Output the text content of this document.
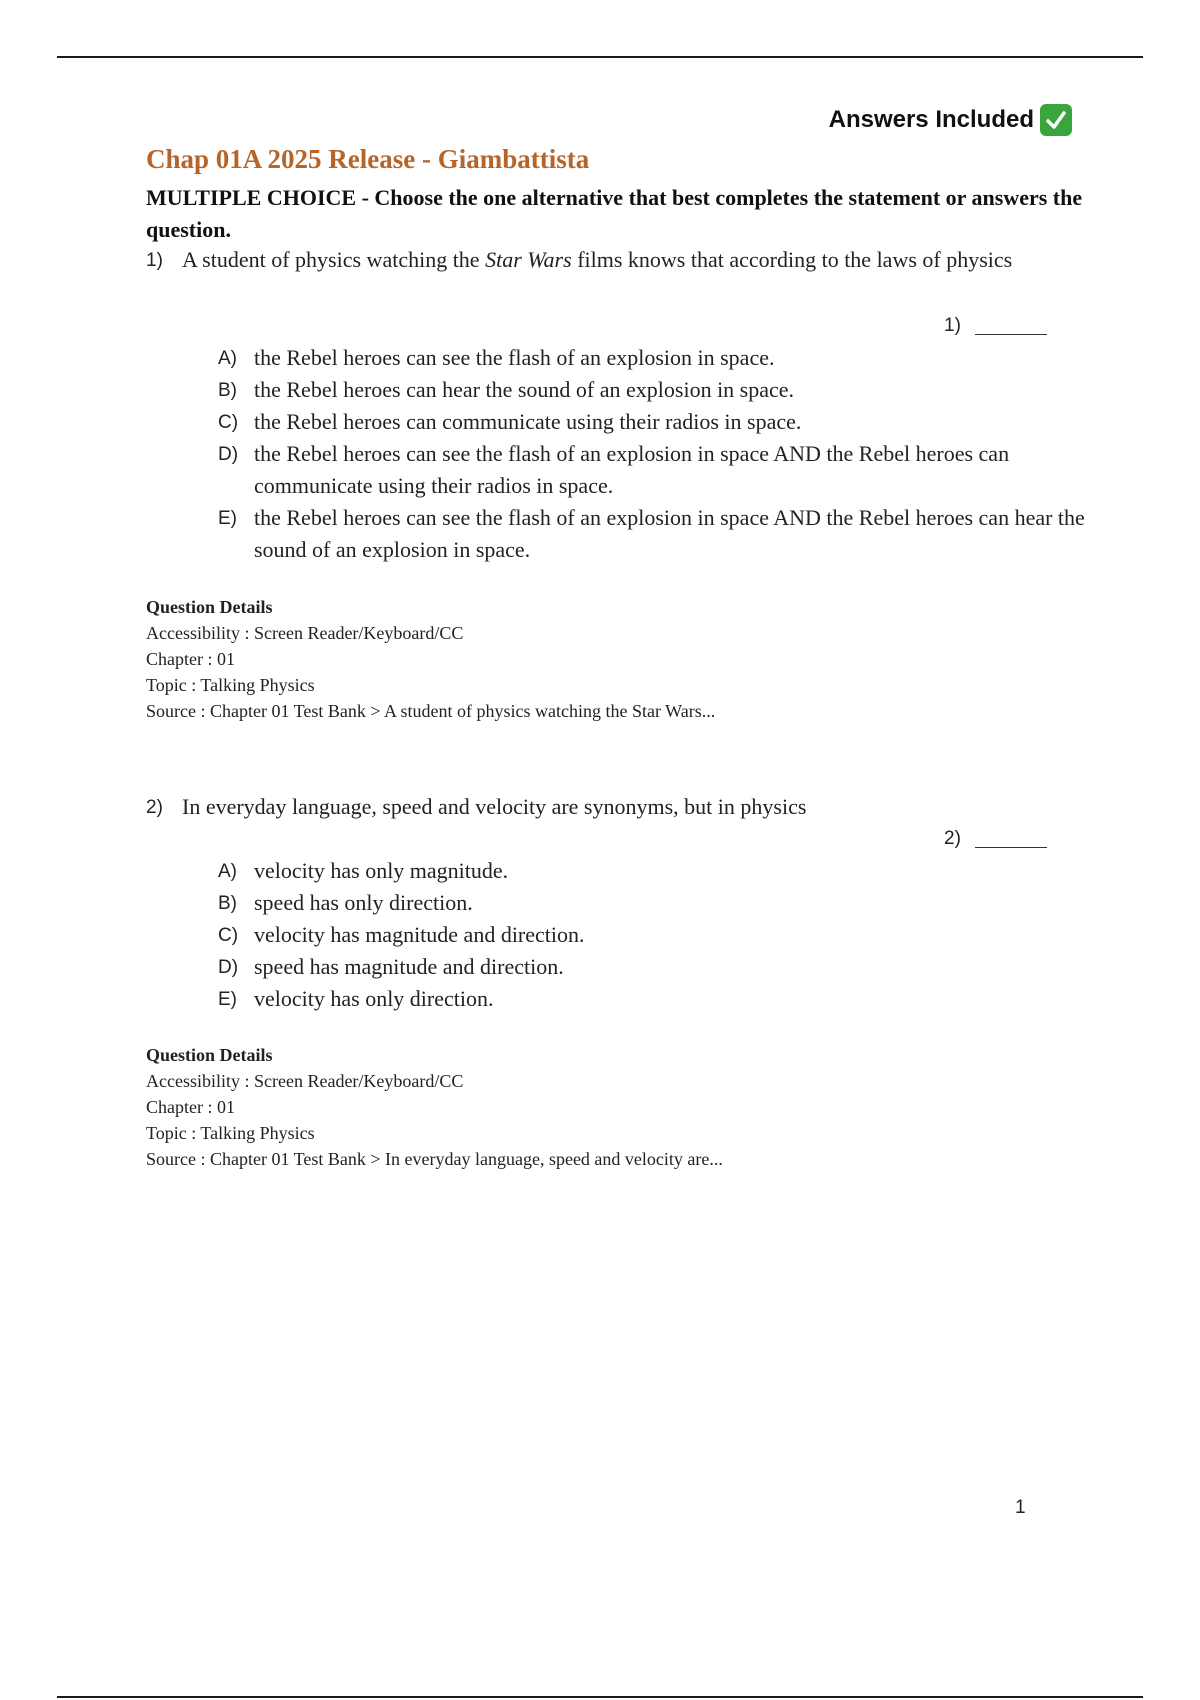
Answers Included
Chap 01A 2025 Release - Giambattista
MULTIPLE CHOICE - Choose the one alternative that best completes the statement or answers the question.
1) A student of physics watching the Star Wars films knows that according to the laws of physics
1)
A) the Rebel heroes can see the flash of an explosion in space.
B) the Rebel heroes can hear the sound of an explosion in space.
C) the Rebel heroes can communicate using their radios in space.
D) the Rebel heroes can see the flash of an explosion in space AND the Rebel heroes can communicate using their radios in space.
E) the Rebel heroes can see the flash of an explosion in space AND the Rebel heroes can hear the sound of an explosion in space.
Question Details
Accessibility : Screen Reader/Keyboard/CC
Chapter : 01
Topic : Talking Physics
Source : Chapter 01 Test Bank > A student of physics watching the Star Wars...
2) In everyday language, speed and velocity are synonyms, but in physics
2)
A) velocity has only magnitude.
B) speed has only direction.
C) velocity has magnitude and direction.
D) speed has magnitude and direction.
E) velocity has only direction.
Question Details
Accessibility : Screen Reader/Keyboard/CC
Chapter : 01
Topic : Talking Physics
Source : Chapter 01 Test Bank > In everyday language, speed and velocity are...
1
